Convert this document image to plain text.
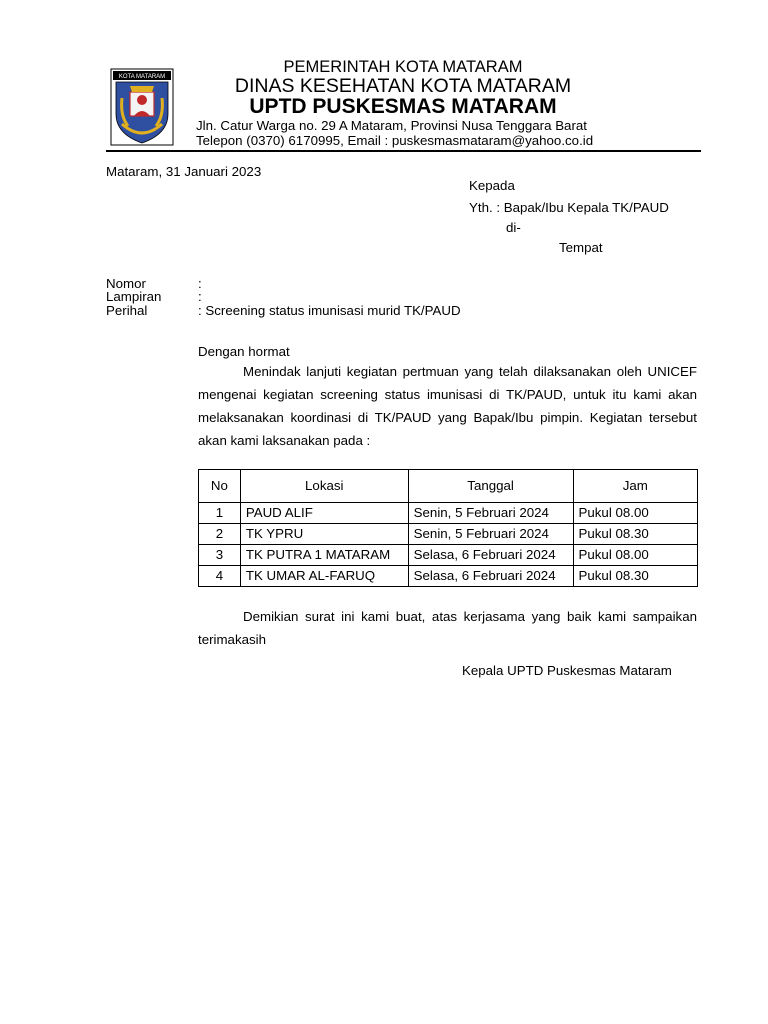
KOTA MATARAM
PEMERINTAH KOTA MATARAM
DINAS KESEHATAN KOTA MATARAM
UPTD PUSKESMAS MATARAM
Jln. Catur Warga no. 29 A Mataram, Provinsi Nusa Tenggara Barat
Telepon (0370) 6170995, Email : puskesmasmataram@yahoo.co.id
Mataram, 31 Januari 2023
Kepada
Yth. : Bapak/Ibu Kepala TK/PAUD
di-
Tempat
Nomor	:
Lampiran	:
Perihal	: Screening status imunisasi murid TK/PAUD
Dengan hormat
Menindak lanjuti kegiatan pertmuan yang telah dilaksanakan oleh UNICEF mengenai kegiatan screening status imunisasi di TK/PAUD, untuk itu kami akan melaksanakan koordinasi di TK/PAUD yang Bapak/Ibu pimpin. Kegiatan tersebut akan kami laksanakan pada :
No	Lokasi	Tanggal	Jam
1	PAUD ALIF	Senin, 5 Februari 2024	Pukul 08.00
2	TK YPRU	Senin, 5 Februari 2024	Pukul 08.30
3	TK PUTRA 1 MATARAM	Selasa, 6 Februari 2024	Pukul 08.00
4	TK UMAR AL-FARUQ	Selasa, 6 Februari 2024	Pukul 08.30
Demikian surat ini kami buat, atas kerjasama yang baik kami sampaikan terimakasih
Kepala UPTD Puskesmas Mataram
